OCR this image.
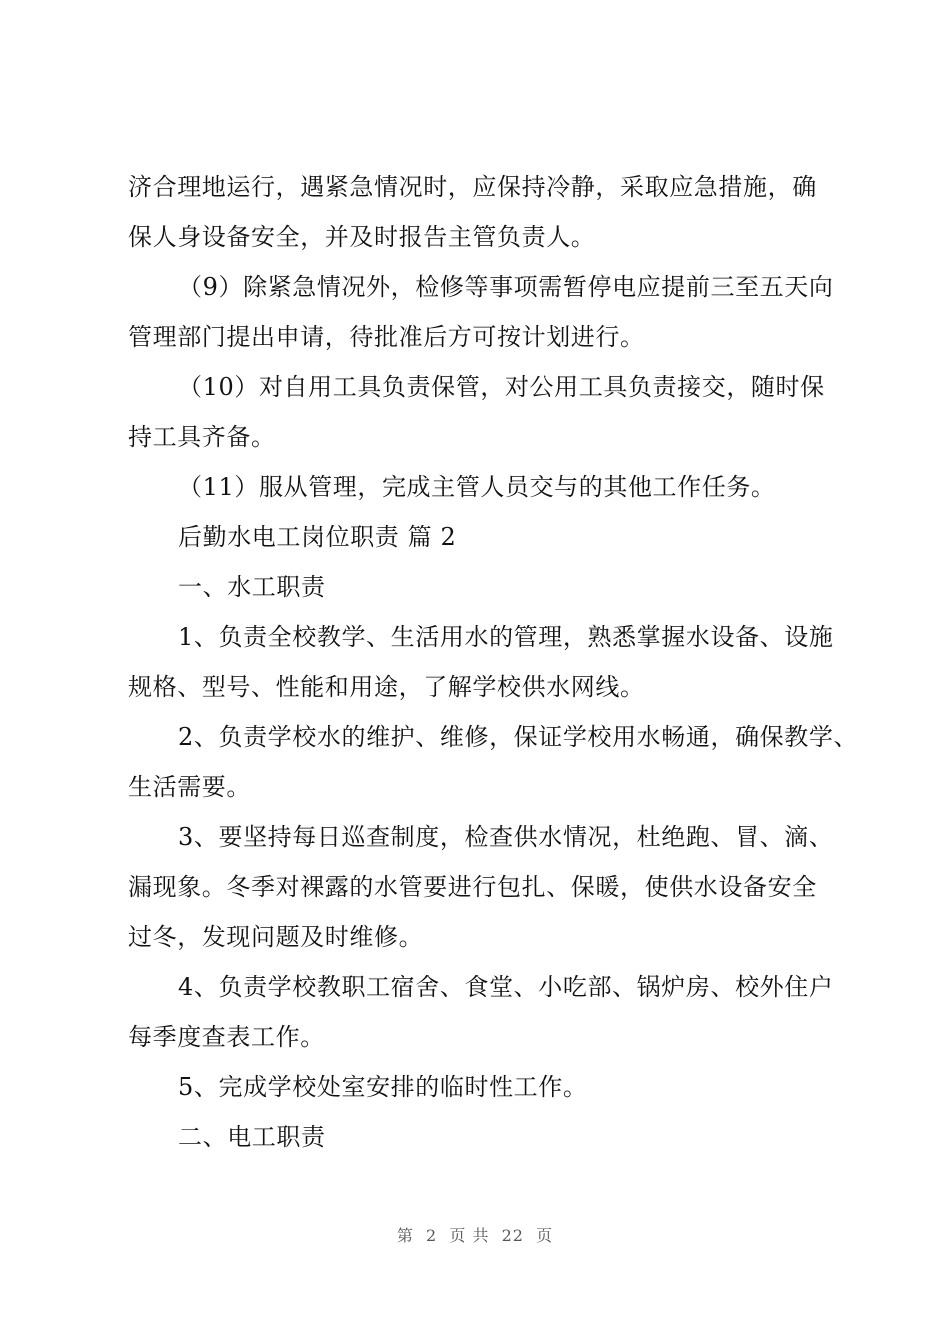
济合理地运行，遇紧急情况时，应保持冷静，采取应急措施，确
保人身设备安全，并及时报告主管负责人。
（9）除紧急情况外，检修等事项需暂停电应提前三至五天向
管理部门提出申请，待批准后方可按计划进行。
（10）对自用工具负责保管，对公用工具负责接交，随时保
持工具齐备。
（11）服从管理，完成主管人员交与的其他工作任务。
后勤水电工岗位职责 篇 2
一、水工职责
1、负责全校教学、生活用水的管理，熟悉掌握水设备、设施
规格、型号、性能和用途，了解学校供水网线。
2、负责学校水的维护、维修，保证学校用水畅通，确保教学、
生活需要。
3、要坚持每日巡查制度，检查供水情况，杜绝跑、冒、滴、
漏现象。冬季对裸露的水管要进行包扎、保暖，使供水设备安全
过冬，发现问题及时维修。
4、负责学校教职工宿舍、食堂、小吃部、锅炉房、校外住户
每季度查表工作。
5、完成学校处室安排的临时性工作。
二、电工职责
第  2  页 共  22  页
